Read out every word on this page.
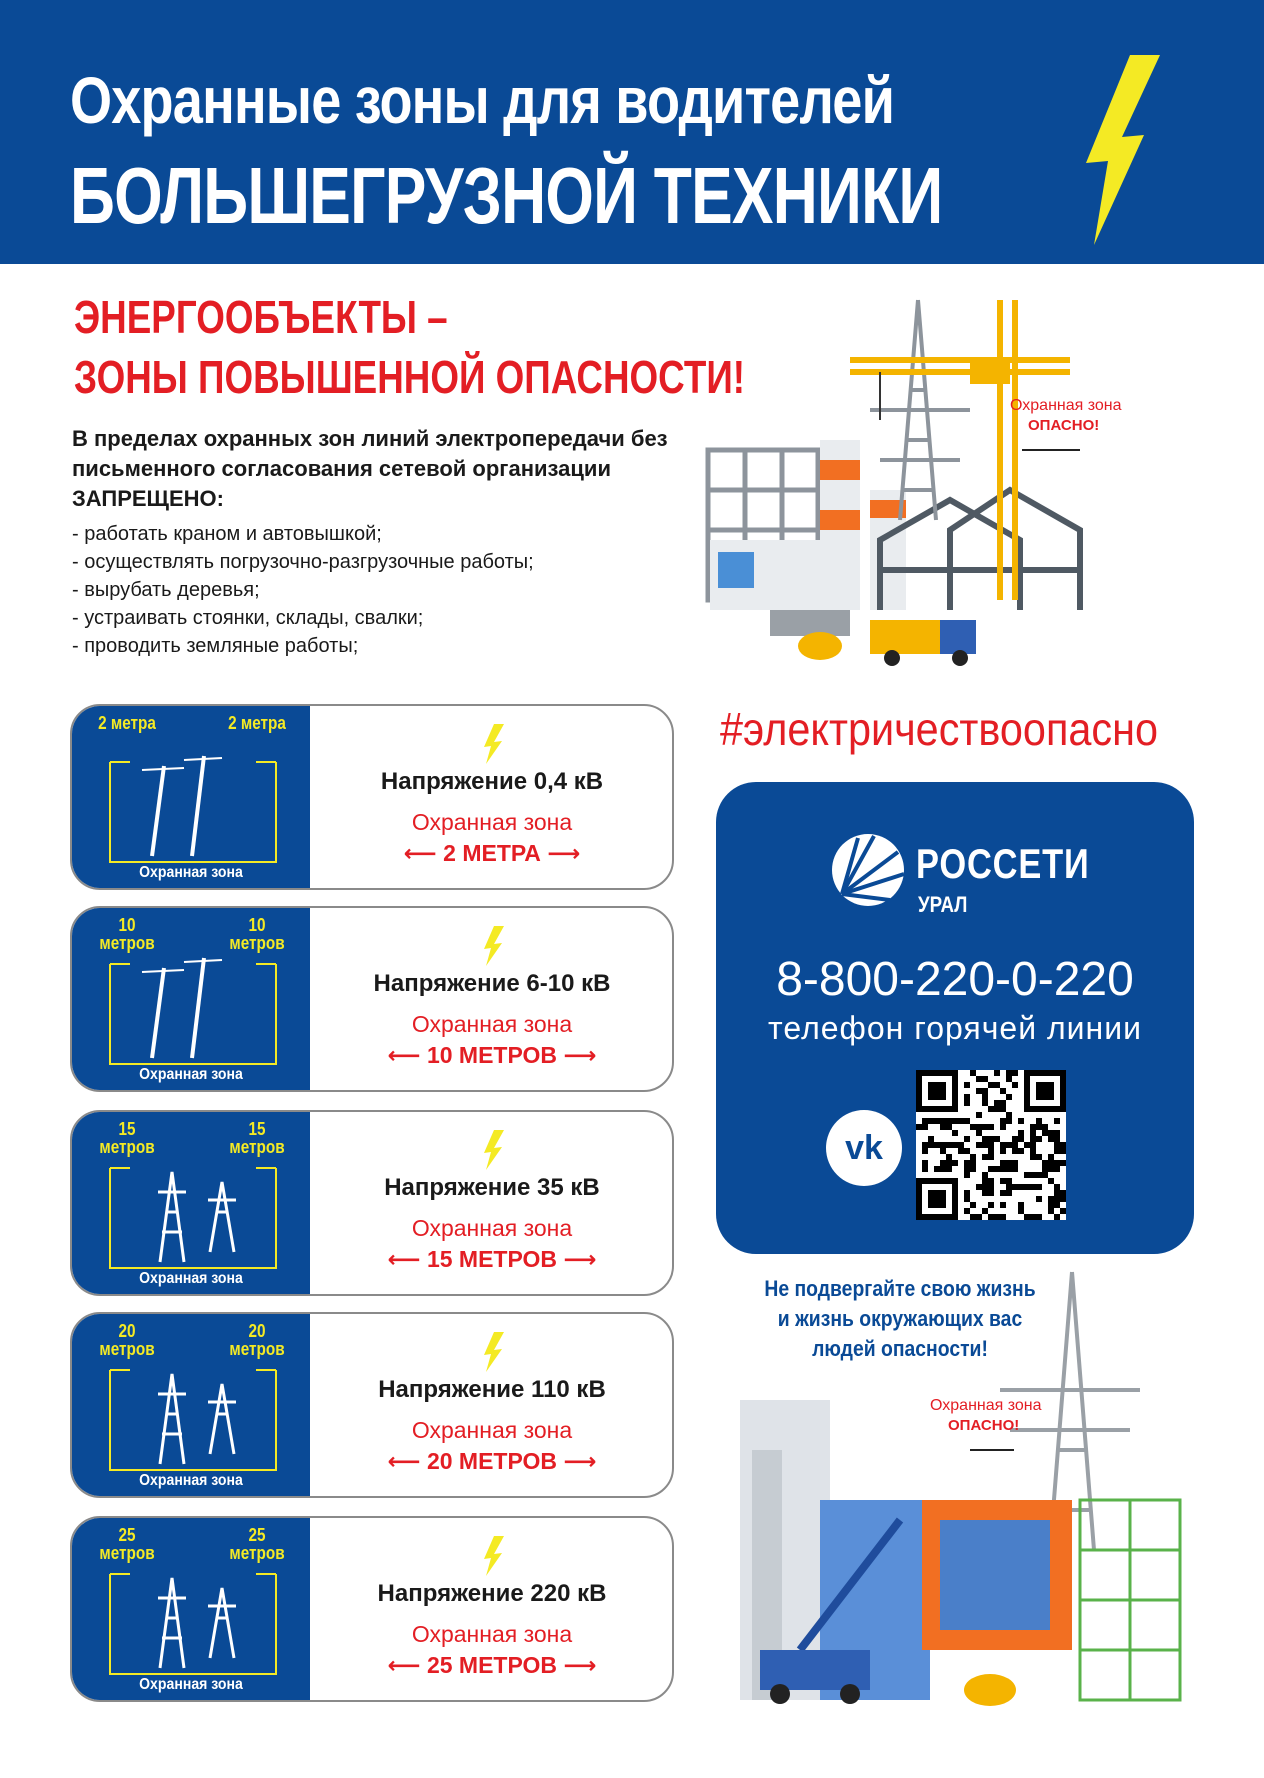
Охранные зоны для водителей
БОЛЬШЕГРУЗНОЙ ТЕХНИКИ
ЭНЕРГООБЪЕКТЫ –
ЗОНЫ ПОВЫШЕННОЙ ОПАСНОСТИ!
В пределах охранных зон линий электропередачи без письменного согласования сетевой организации ЗАПРЕЩЕНО:
- работать краном и автовышкой;
- осуществлять погрузочно-разгрузочные работы;
- вырубать деревья;
- устраивать стоянки, склады, свалки;
- проводить земляные работы;
Охранная зона
ОПАСНО!
2 метра	2 метра
Охранная зона
Напряжение 0,4 кВ
Охранная зона
⟵ 2 МЕТРА ⟶
10 метров
10 метров
Охранная зона
Напряжение 6-10 кВ
Охранная зона
⟵ 10 МЕТРОВ ⟶
15 метров
15 метров
Охранная зона
Напряжение 35 кВ
Охранная зона
⟵ 15 МЕТРОВ ⟶
20 метров
20 метров
Охранная зона
Напряжение 110 кВ
Охранная зона
⟵ 20 МЕТРОВ ⟶
25 метров
25 метров
Охранная зона
Напряжение 220 кВ
Охранная зона
⟵ 25 МЕТРОВ ⟶
#электричествоопасно
РОССЕТИ
УРАЛ
8-800-220-0-220
телефон горячей линии
vk
Не подвергайте свою жизнь и жизнь окружающих вас людей опасности!
Охранная зона
ОПАСНО!
